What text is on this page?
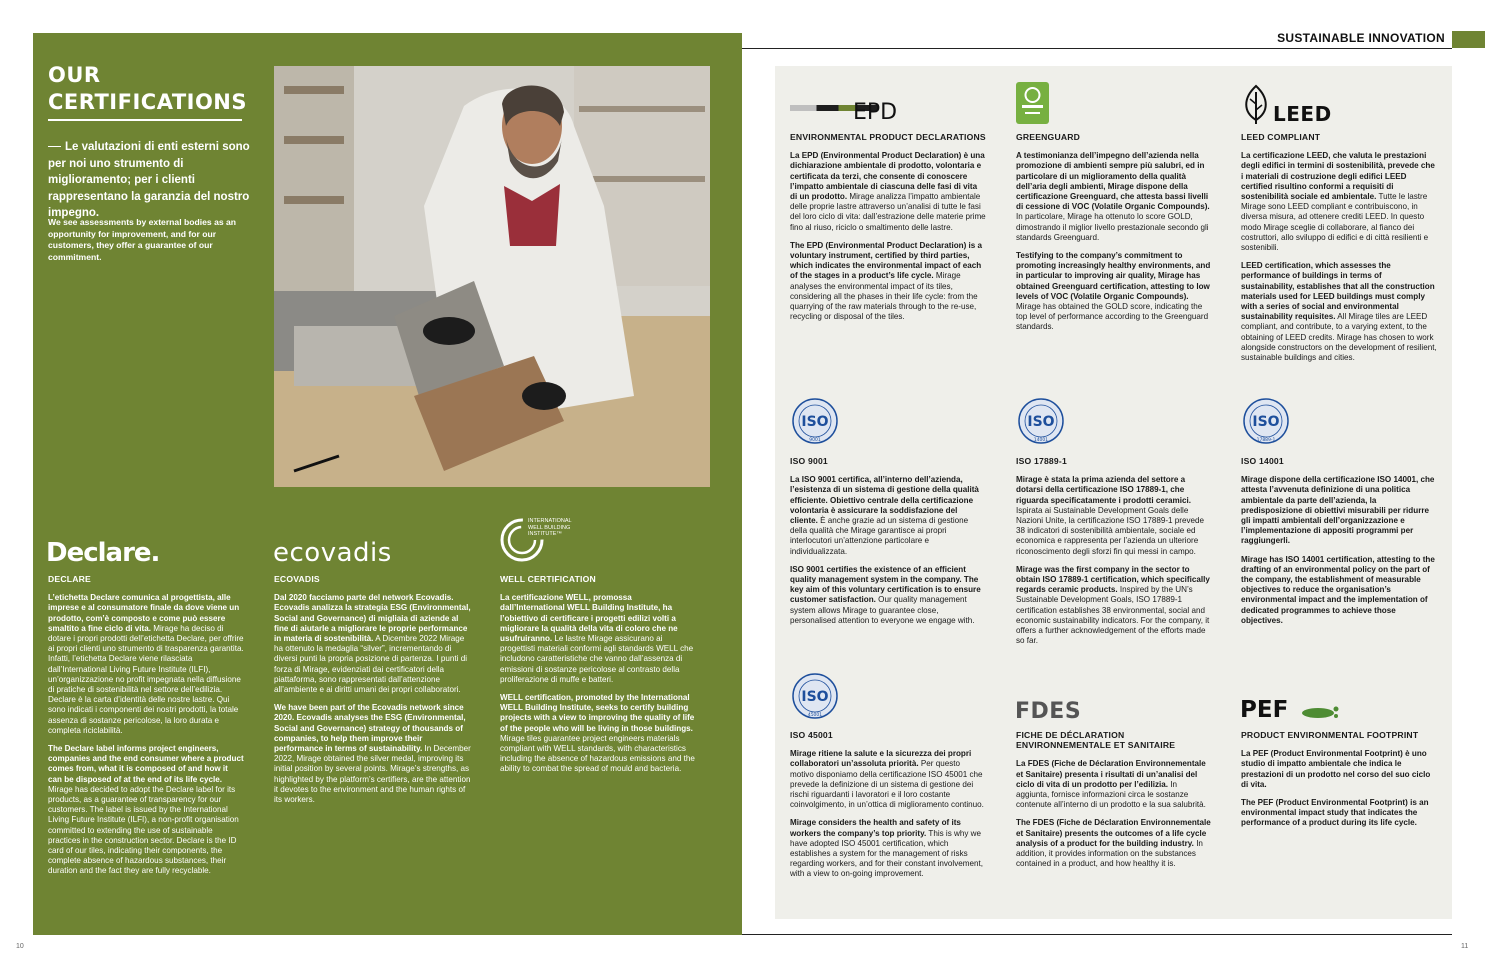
OUR
CERTIFICATIONS
Le valutazioni di enti esterni sono per noi uno strumento di miglioramento; per i clienti rappresentano la garanzia del nostro impegno.
We see assessments by external bodies as an opportunity for improvement, and for our customers, they offer a guarantee of our commitment.
Declare.
DECLARE

L’etichetta Declare comunica al progettista, alle imprese e al consumatore finale da dove viene un prodotto, com’è composto e come può essere smaltito a fine ciclo di vita. Mirage ha deciso di dotare i propri prodotti dell’etichetta Declare, per offrire ai propri clienti uno strumento di trasparenza garantita. Infatti, l’etichetta Declare viene rilasciata dall’International Living Future Institute (ILFI), un’organizzazione no profit impegnata nella diffusione di pratiche di sostenibilità nel settore dell’edilizia. Declare è la carta d’identità delle nostre lastre. Qui sono indicati i componenti dei nostri prodotti, la totale assenza di sostanze pericolose, la loro durata e completa riciclabilità.

The Declare label informs project engineers, companies and the end consumer where a product comes from, what it is composed of and how it can be disposed of at the end of its life cycle. Mirage has decided to adopt the Declare label for its products, as a guarantee of transparency for our customers. The label is issued by the International Living Future Institute (ILFI), a non-profit organisation committed to extending the use of sustainable practices in the construction sector. Declare is the ID card of our tiles, indicating their components, the complete absence of hazardous substances, their duration and the fact they are fully recyclable.

ecovadis
ECOVADIS

Dal 2020 facciamo parte del network Ecovadis. Ecovadis analizza la strategia ESG (Environmental, Social and Governance) di migliaia di aziende al fine di aiutarle a migliorare le proprie performance in materia di sostenibilità. A Dicembre 2022 Mirage ha ottenuto la medaglia “silver”, incrementando di diversi punti la propria posizione di partenza. I punti di forza di Mirage, evidenziati dai certificatori della piattaforma, sono rappresentati dall’attenzione all’ambiente e ai diritti umani dei propri collaboratori.

We have been part of the Ecovadis network since 2020. Ecovadis analyses the ESG (Environmental, Social and Governance) strategy of thousands of companies, to help them improve their performance in terms of sustainability. In December 2022, Mirage obtained the silver medal, improving its initial position by several points. Mirage’s strengths, as highlighted by the platform’s certifiers, are the attention it devotes to the environment and the human rights of its workers.

INTERNATIONAL WELL BUILDING INSTITUTE™
WELL CERTIFICATION

La certificazione WELL, promossa dall’International WELL Building Institute, ha l’obiettivo di certificare i progetti edilizi volti a migliorare la qualità della vita di coloro che ne usufruiranno. Le lastre Mirage assicurano ai progettisti materiali conformi agli standards WELL che includono caratteristiche che vanno dall’assenza di emissioni di sostanze pericolose al contrasto della proliferazione di muffe e batteri.

WELL certification, promoted by the International WELL Building Institute, seeks to certify building projects with a view to improving the quality of life of the people who will be living in those buildings. Mirage tiles guarantee project engineers materials compliant with WELL standards, with characteristics including the absence of hazardous emissions and the ability to combat the spread of mould and bacteria.

10
SUSTAINABLE INNOVATION
EPD
ENVIRONMENTAL PRODUCT DECLARATIONS

La EPD (Environmental Product Declaration) è una dichiarazione ambientale di prodotto, volontaria e certificata da terzi, che consente di conoscere l’impatto ambientale di ciascuna delle fasi di vita di un prodotto. Mirage analizza l’impatto ambientale delle proprie lastre attraverso un’analisi di tutte le fasi del loro ciclo di vita: dall’estrazione delle materie prime fino al riuso, riciclo o smaltimento delle lastre.

The EPD (Environmental Product Declaration) is a voluntary instrument, certified by third parties, which indicates the environmental impact of each of the stages in a product’s life cycle. Mirage analyses the environmental impact of its tiles, considering all the phases in their life cycle: from the quarrying of the raw materials through to the re-use, recycling or disposal of the tiles.

GREENGUARD

A testimonianza dell’impegno dell’azienda nella promozione di ambienti sempre più salubri, ed in particolare di un miglioramento della qualità dell’aria degli ambienti, Mirage dispone della certificazione Greenguard, che attesta bassi livelli di cessione di VOC (Volatile Organic Compounds). In particolare, Mirage ha ottenuto lo score GOLD, dimostrando il miglior livello prestazionale secondo gli standards Greenguard.

Testifying to the company’s commitment to promoting increasingly healthy environments, and in particular to improving air quality, Mirage has obtained Greenguard certification, attesting to low levels of VOC (Volatile Organic Compounds). Mirage has obtained the GOLD score, indicating the top level of performance according to the Greenguard standards.

LEED
LEED COMPLIANT

La certificazione LEED, che valuta le prestazioni degli edifici in termini di sostenibilità, prevede che i materiali di costruzione degli edifici LEED certified risultino conformi a requisiti di sostenibilità sociale ed ambientale. Tutte le lastre Mirage sono LEED compliant e contribuiscono, in diversa misura, ad ottenere crediti LEED. In questo modo Mirage sceglie di collaborare, al fianco dei costruttori, allo sviluppo di edifici e di città resilienti e sostenibili.

LEED certification, which assesses the performance of buildings in terms of sustainability, establishes that all the construction materials used for LEED buildings must comply with a series of social and environmental sustainability requisites. All Mirage tiles are LEED compliant, and contribute, to a varying extent, to the obtaining of LEED credits. Mirage has chosen to work alongside constructors on the development of resilient, sustainable buildings and cities.

ISO
9001
ISO 9001

La ISO 9001 certifica, all’interno dell’azienda, l’esistenza di un sistema di gestione della qualità efficiente. Obiettivo centrale della certificazione volontaria è assicurare la soddisfazione del cliente. È anche grazie ad un sistema di gestione della qualità che Mirage garantisce ai propri interlocutori un’attenzione particolare e individualizzata.

ISO 9001 certifies the existence of an efficient quality management system in the company. The key aim of this voluntary certification is to ensure customer satisfaction. Our quality management system allows Mirage to guarantee close, personalised attention to everyone we engage with.

ISO
14001
ISO 17889-1

Mirage è stata la prima azienda del settore a dotarsi della certificazione ISO 17889-1, che riguarda specificatamente i prodotti ceramici. Ispirata ai Sustainable Development Goals delle Nazioni Unite, la certificazione ISO 17889-1 prevede 38 indicatori di sostenibilità ambientale, sociale ed economica e rappresenta per l’azienda un ulteriore riconoscimento degli sforzi fin qui messi in campo.

Mirage was the first company in the sector to obtain ISO 17889-1 certification, which specifically regards ceramic products. Inspired by the UN’s Sustainable Development Goals, ISO 17889-1 certification establishes 38 environmental, social and economic sustainability indicators. For the company, it offers a further acknowledgement of the efforts made so far.

ISO
17889-1
ISO 14001

Mirage dispone della certificazione ISO 14001, che attesta l’avvenuta definizione di una politica ambientale da parte dell’azienda, la predisposizione di obiettivi misurabili per ridurre gli impatti ambientali dell’organizzazione e l’implementazione di appositi programmi per raggiungerli.

Mirage has ISO 14001 certification, attesting to the drafting of an environmental policy on the part of the company, the establishment of measurable objectives to reduce the organisation’s environmental impact and the implementation of dedicated programmes to achieve those objectives.

ISO
45001
ISO 45001

Mirage ritiene la salute e la sicurezza dei propri collaboratori un’assoluta priorità. Per questo motivo disponiamo della certificazione ISO 45001 che prevede la definizione di un sistema di gestione dei rischi riguardanti i lavoratori e il loro costante coinvolgimento, in un’ottica di miglioramento continuo.

Mirage considers the health and safety of its workers the company’s top priority. This is why we have adopted ISO 45001 certification, which establishes a system for the management of risks regarding workers, and for their constant involvement, with a view to on-going improvement.

FDES
FICHE DE DÉCLARATION ENVIRONNEMENTALE ET SANITAIRE

La FDES (Fiche de Déclaration Environnementale et Sanitaire) presenta i risultati di un’analisi del ciclo di vita di un prodotto per l’edilizia. In aggiunta, fornisce informazioni circa le sostanze contenute all’interno di un prodotto e la sua salubrità.

The FDES (Fiche de Déclaration Environnementale et Sanitaire) presents the outcomes of a life cycle analysis of a product for the building industry. In addition, it provides information on the substances contained in a product, and how healthy it is.

PEF
PRODUCT ENVIRONMENTAL FOOTPRINT

La PEF (Product Environmental Footprint) è uno studio di impatto ambientale che indica le prestazioni di un prodotto nel corso del suo ciclo di vita.

The PEF (Product Environmental Footprint) is an environmental impact study that indicates the performance of a product during its life cycle.

11
